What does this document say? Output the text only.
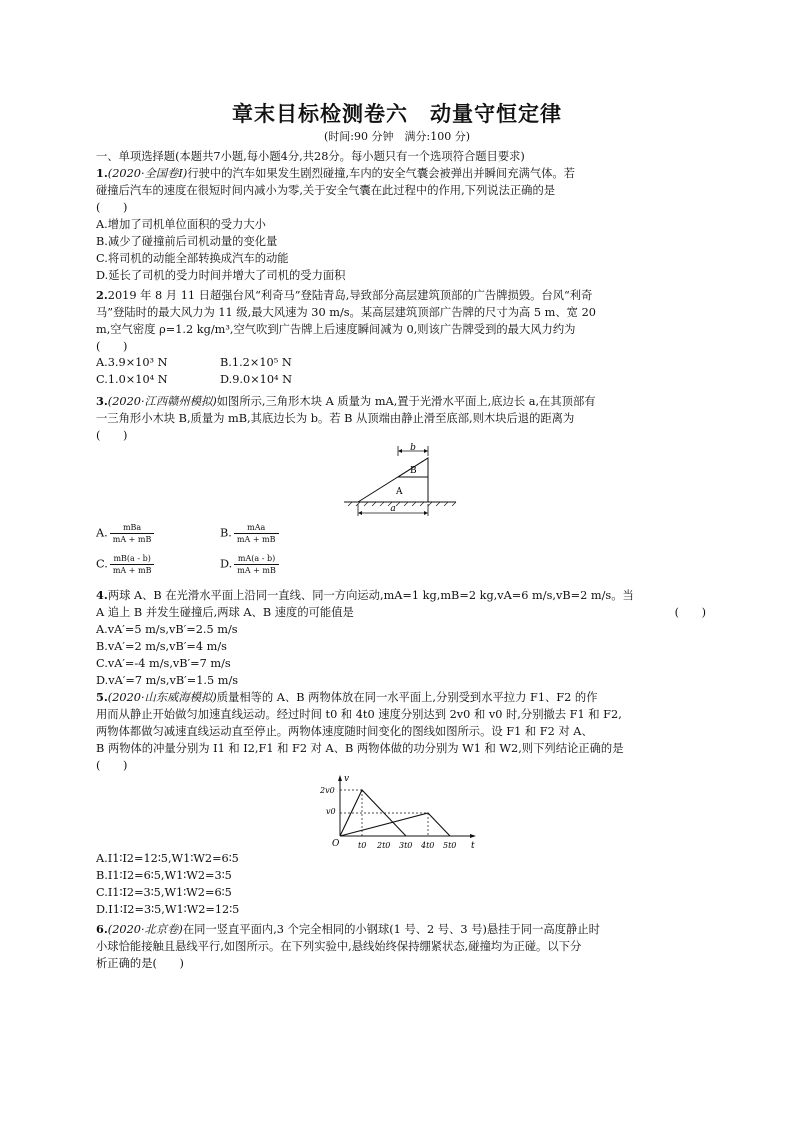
章末目标检测卷六　动量守恒定律
(时间:90 分钟　满分:100 分)
一、单项选择题(本题共7小题,每小题4分,共28分。每小题只有一个选项符合题目要求)
1.(2020·全国卷Ⅰ)行驶中的汽车如果发生剧烈碰撞,车内的安全气囊会被弹出并瞬间充满气体。若
碰撞后汽车的速度在很短时间内减小为零,关于安全气囊在此过程中的作用,下列说法正确的是
(　　)
A.增加了司机单位面积的受力大小
B.减少了碰撞前后司机动量的变化量
C.将司机的动能全部转换成汽车的动能
D.延长了司机的受力时间并增大了司机的受力面积
2.2019 年 8 月 11 日超强台风“利奇马”登陆青岛,导致部分高层建筑顶部的广告牌损毁。台风“利奇
马”登陆时的最大风力为 11 级,最大风速为 30 m/s。某高层建筑顶部广告牌的尺寸为高 5 m、宽 20
m,空气密度 ρ=1.2 kg/m³,空气吹到广告牌上后速度瞬间减为 0,则该广告牌受到的最大风力约为
(　　)
A.3.9×10³ N	B.1.2×10⁵ N
C.1.0×10⁴ N	D.9.0×10⁴ N
3.(2020·江西赣州模拟)如图所示,三角形木块 A 质量为 mA,置于光滑水平面上,底边长 a,在其顶部有
一三角形小木块 B,质量为 mB,其底边长为 b。若 B 从顶端由静止滑至底部,则木块后退的距离为
(　　)
b
B
A
a
A. $\frac{\text{mBa}}{mA + mB}$	B. $\frac{\text{mAa}}{mA + mB}$
C. $\frac{mB(a - b)}{mA + mB}$	D. $\frac{mA(a - b)}{mA + mB}$
4.两球 A、B 在光滑水平面上沿同一直线、同一方向运动,mA=1 kg,mB=2 kg,vA=6 m/s,vB=2 m/s。当
A 追上 B 并发生碰撞后,两球 A、B 速度的可能值是	(　　)
A.vA′=5 m/s,vB′=2.5 m/s
B.vA′=2 m/s,vB′=4 m/s
C.vA′=-4 m/s,vB′=7 m/s
D.vA′=7 m/s,vB′=1.5 m/s
5.(2020·山东威海模拟)质量相等的 A、B 两物体放在同一水平面上,分别受到水平拉力 F1、F2 的作
用而从静止开始做匀加速直线运动。经过时间 t0 和 4t0 速度分别达到 2v0 和 v0 时,分别撤去 F1 和 F2,
两物体都做匀减速直线运动直至停止。两物体速度随时间变化的图线如图所示。设 F1 和 F2 对 A、
B 两物体的冲量分别为 I1 和 I2,F1 和 F2 对 A、B 两物体做的功分别为 W1 和 W2,则下列结论正确的是
(　　)
v
t
O
2v0
v0
t0 2t0 3t0 4t0 5t0
A.I1∶I2=12∶5,W1∶W2=6∶5
B.I1∶I2=6∶5,W1∶W2=3∶5
C.I1∶I2=3∶5,W1∶W2=6∶5
D.I1∶I2=3∶5,W1∶W2=12∶5
6.(2020·北京卷)在同一竖直平面内,3 个完全相同的小钢球(1 号、2 号、3 号)悬挂于同一高度静止时
小球恰能接触且悬线平行,如图所示。在下列实验中,悬线始终保持绷紧状态,碰撞均为正碰。以下分
析正确的是(　　)
